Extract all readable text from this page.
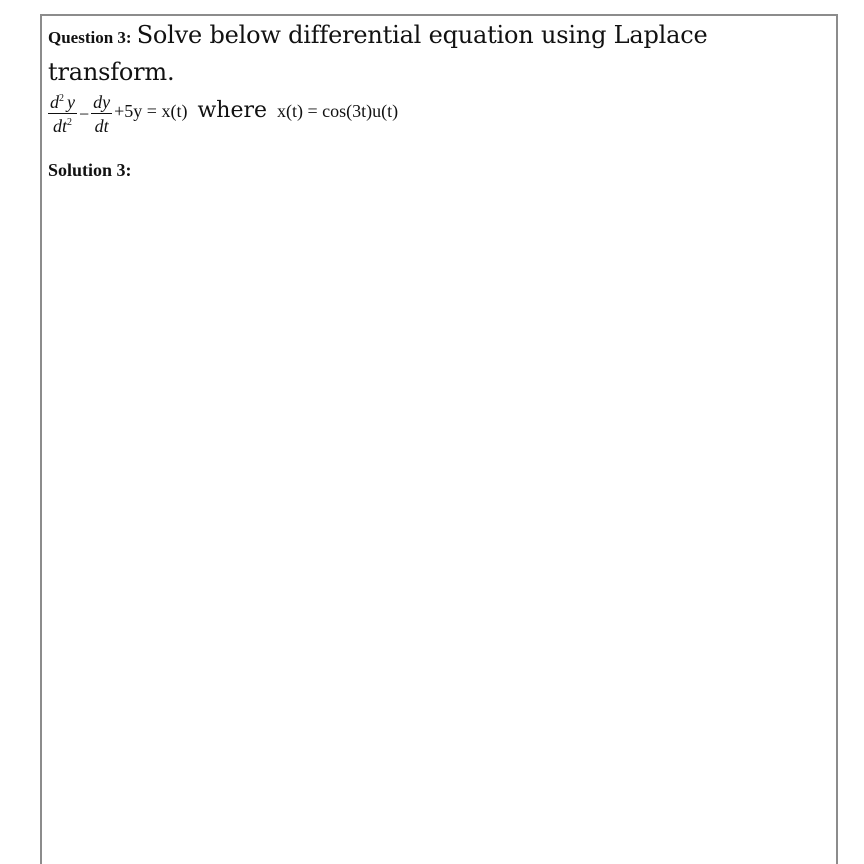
Question 3: Solve below differential equation using Laplace
transform.
$\frac{d^2 y}{dt^2} - \frac{dy}{dt} +5y = x(t)$ where x(t) = cos(3t)u(t)
Solution 3:
